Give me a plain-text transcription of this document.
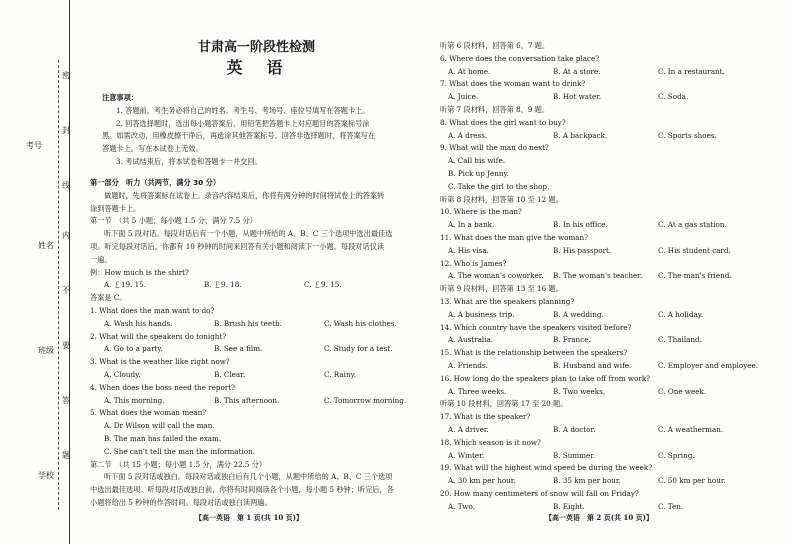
考号
姓名
班级
学校
密
封
线
内
不
要
答
题

甘肃高一阶段性检测

英　语

注意事项：

1. 答题前，考生务必将自己的姓名、考生号、考场号、座位号填写在答题卡上。

2. 回答选择题时，选出每小题答案后，用铅笔把答题卡上对应题目的答案标号涂

黑。如需改动，用橡皮擦干净后，再选涂其他答案标号。回答非选择题时，将答案写在

答题卡上。写在本试卷上无效。

3. 考试结束后，将本试卷和答题卡一并交回。

第一部分　听力（共两节，满分 30 分）

做题时，先将答案标在试卷上。录音内容结束后，你将有两分钟的时间将试卷上的答案转

涂到答题卡上。

第一节　（共 5 小题；每小题 1.5 分，满分 7.5 分）

听下面 5 段对话。每段对话后有一个小题，从题中所给的 A、B、C 三个选项中选出最佳选

项。听完每段对话后，你都有 10 秒钟的时间来回答有关小题和阅读下一小题。每段对话仅读

一遍。

例：How much is the shirt?

A. ￡19. 15.	B. ￡9. 18.	C. ￡9. 15.

答案是 C。

1. What does the man want to do?

A. Wash his hands.	B. Brush his teeth.	C. Wash his clothes.

2. What will the speakers do tonight?

A. Go to a party.	B. See a film.	C. Study for a test.

3. What is the weather like right now?

A. Cloudy.	B. Clear.	C. Rainy.

4. When does the boss need the report?

A. This morning.	B. This afternoon.	C. Tomorrow morning.

5. What does the woman mean?

A. Dr Wilson will call the man.

B. The man has failed the exam.

C. She can't tell the man the information.

第二节　（共 15 小题；每小题 1.5 分，满分 22.5 分）

听下面 5 段对话或独白。每段对话或独白后有几个小题，从题中所给的 A、B、C 三个选项

中选出最佳选项。听每段对话或独白前，你将有时间阅读各个小题，每小题 5 秒钟；听完后，各

小题将给出 5 秒钟的作答时间。每段对话或独白读两遍。

【高一英语　第 1 页(共 10 页)】

听第 6 段材料，回答第 6、7 题。

6. Where does the conversation take place?

A. At home.	B. At a store.	C. In a restaurant.

7. What does the woman want to drink?

A. Juice.	B. Hot water.	C. Soda.

听第 7 段材料，回答第 8、9 题。

8. What does the girl want to buy?

A. A dress.	B. A backpack.	C. Sports shoes.

9. What will the man do next?

A. Call his wife.

B. Pick up Jenny.

C. Take the girl to the shop.

听第 8 段材料，回答第 10 至 12 题。

10. Where is the man?

A. In a bank.	B. In his office.	C. At a gas station.

11. What does the man give the woman?

A. His visa.	B. His passport.	C. His student card.

12. Who is James?

A. The woman's coworker.	B. The woman's teacher.	C. The man's friend.

听第 9 段材料，回答第 13 至 16 题。

13. What are the speakers planning?

A. A business trip.	B. A wedding.	C. A holiday.

14. Which country have the speakers visited before?

A. Australia.	B. France.	C. Thailand.

15. What is the relationship between the speakers?

A. Friends.	B. Husband and wife.	C. Employer and employee.

16. How long do the speakers plan to take off from work?

A. Three weeks.	B. Two weeks.	C. One week.

听第 10 段材料，回答第 17 至 20 题。

17. What is the speaker?

A. A driver.	B. A doctor.	C. A weatherman.

18. Which season is it now?

A. Winter.	B. Summer.	C. Spring.

19. What will the highest wind speed be during the week?

A. 30 km per hour.	B. 35 km per hour.	C. 50 km per hour.

20. How many centimeters of snow will fall on Friday?

A. Two.	B. Eight.	C. Ten.
【高一英语　第 2 页(共 10 页)】
